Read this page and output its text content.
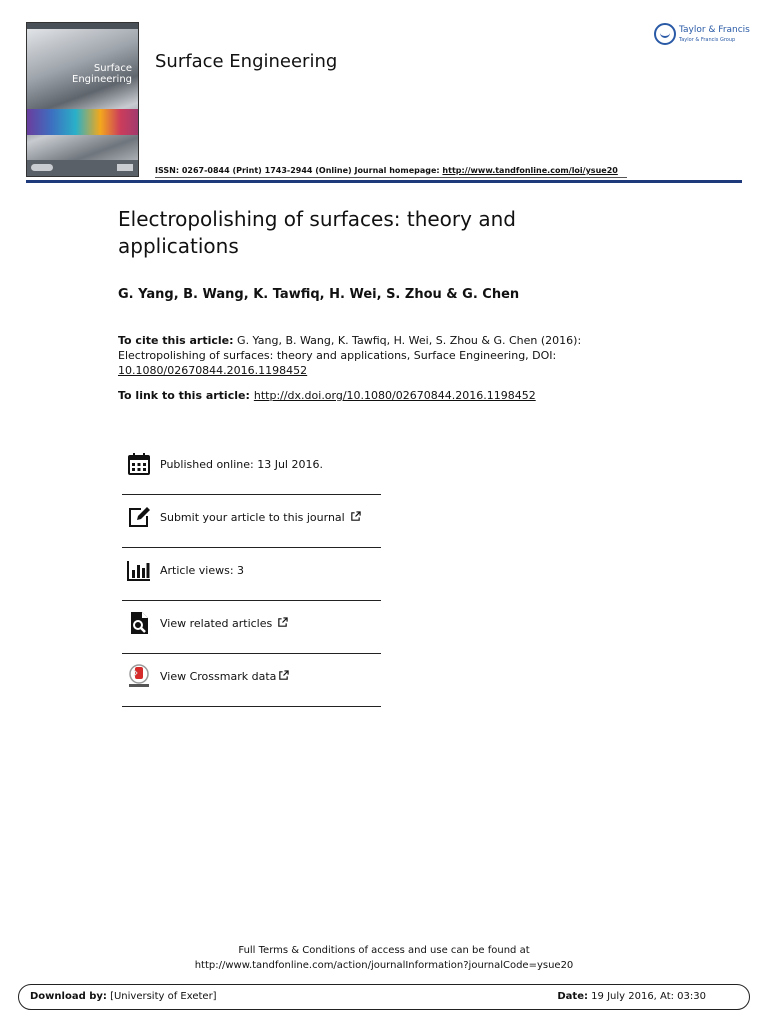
Surface
Engineering
Surface Engineering
Taylor & Francis
Taylor & Francis Group
ISSN: 0267-0844 (Print) 1743-2944 (Online) Journal homepage: http://www.tandfonline.com/loi/ysue20
Electropolishing of surfaces: theory and applications
G. Yang, B. Wang, K. Tawfiq, H. Wei, S. Zhou & G. Chen
To cite this article: G. Yang, B. Wang, K. Tawfiq, H. Wei, S. Zhou & G. Chen (2016): Electropolishing of surfaces: theory and applications, Surface Engineering, DOI: 10.1080/02670844.2016.1198452
To link to this article: http://dx.doi.org/10.1080/02670844.2016.1198452
Published online: 13 Jul 2016.
Submit your article to this journal
Article views: 3
View related articles
View Crossmark data
Full Terms & Conditions of access and use can be found at
http://www.tandfonline.com/action/journalInformation?journalCode=ysue20
Download by: [University of Exeter]	Date: 19 July 2016, At: 03:30
